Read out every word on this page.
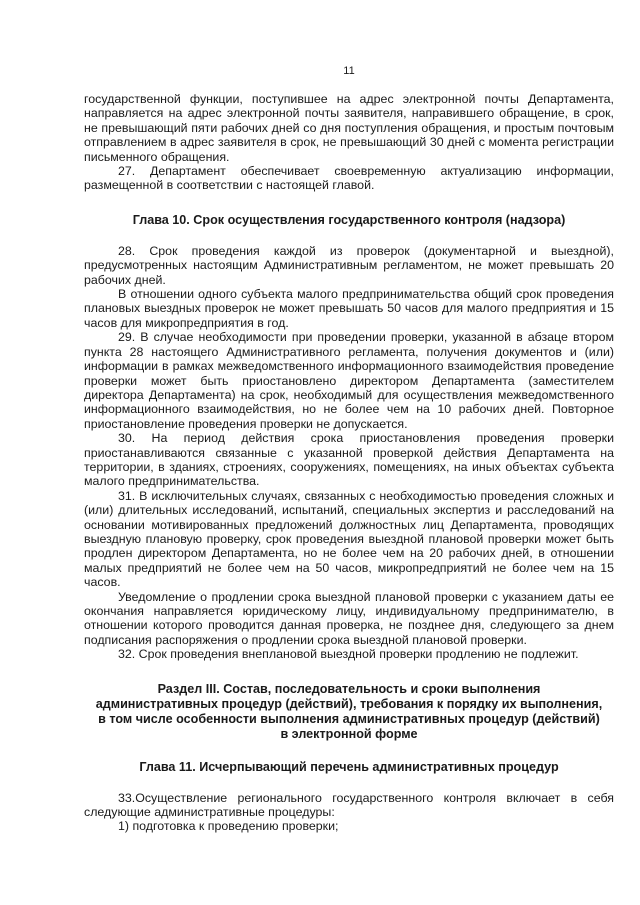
11

государственной функции, поступившее на адрес электронной почты Департамента, направляется на адрес электронной почты заявителя, направившего обращение, в срок, не превышающий пяти рабочих дней со дня поступления обращения, и простым почтовым отправлением в адрес заявителя в срок, не превышающий 30 дней с момента регистрации письменного обращения.

27. Департамент обеспечивает своевременную актуализацию информации, размещенной в соответствии с настоящей главой.

Глава 10. Срок осуществления государственного контроля (надзора)

28. Срок проведения каждой из проверок (документарной и выездной), предусмотренных настоящим Административным регламентом, не может превышать 20 рабочих дней.

В отношении одного субъекта малого предпринимательства общий срок проведения плановых выездных проверок не может превышать 50 часов для малого предприятия и 15 часов для микропредприятия в год.

29. В случае необходимости при проведении проверки, указанной в абзаце втором пункта 28 настоящего Административного регламента, получения документов и (или) информации в рамках межведомственного информационного взаимодействия проведение проверки может быть приостановлено директором Департамента (заместителем директора Департамента) на срок, необходимый для осуществления межведомственного информационного взаимодействия, но не более чем на 10 рабочих дней. Повторное приостановление проведения проверки не допускается.

30. На период действия срока приостановления проведения проверки приостанавливаются связанные с указанной проверкой действия Департамента на территории, в зданиях, строениях, сооружениях, помещениях, на иных объектах субъекта малого предпринимательства.

31. В исключительных случаях, связанных с необходимостью проведения сложных и (или) длительных исследований, испытаний, специальных экспертиз и расследований на основании мотивированных предложений должностных лиц Департамента, проводящих выездную плановую проверку, срок проведения выездной плановой проверки может быть продлен директором Департамента, но не более чем на 20 рабочих дней, в отношении малых предприятий не более чем на 50 часов, микропредприятий не более чем на 15 часов.

Уведомление о продлении срока выездной плановой проверки с указанием даты ее окончания направляется юридическому лицу, индивидуальному предпринимателю, в отношении которого проводится данная проверка, не позднее дня, следующего за днем подписания распоряжения о продлении срока выездной плановой проверки.

32. Срок проведения внеплановой выездной проверки продлению не подлежит.

Раздел III. Состав, последовательность и сроки выполнения
административных процедур (действий), требования к порядку их выполнения,
в том числе особенности выполнения административных процедур (действий)
в электронной форме
Глава 11. Исчерпывающий перечень административных процедур

33.Осуществление регионального государственного контроля включает в себя следующие административные процедуры:

1) подготовка к проведению проверки;
